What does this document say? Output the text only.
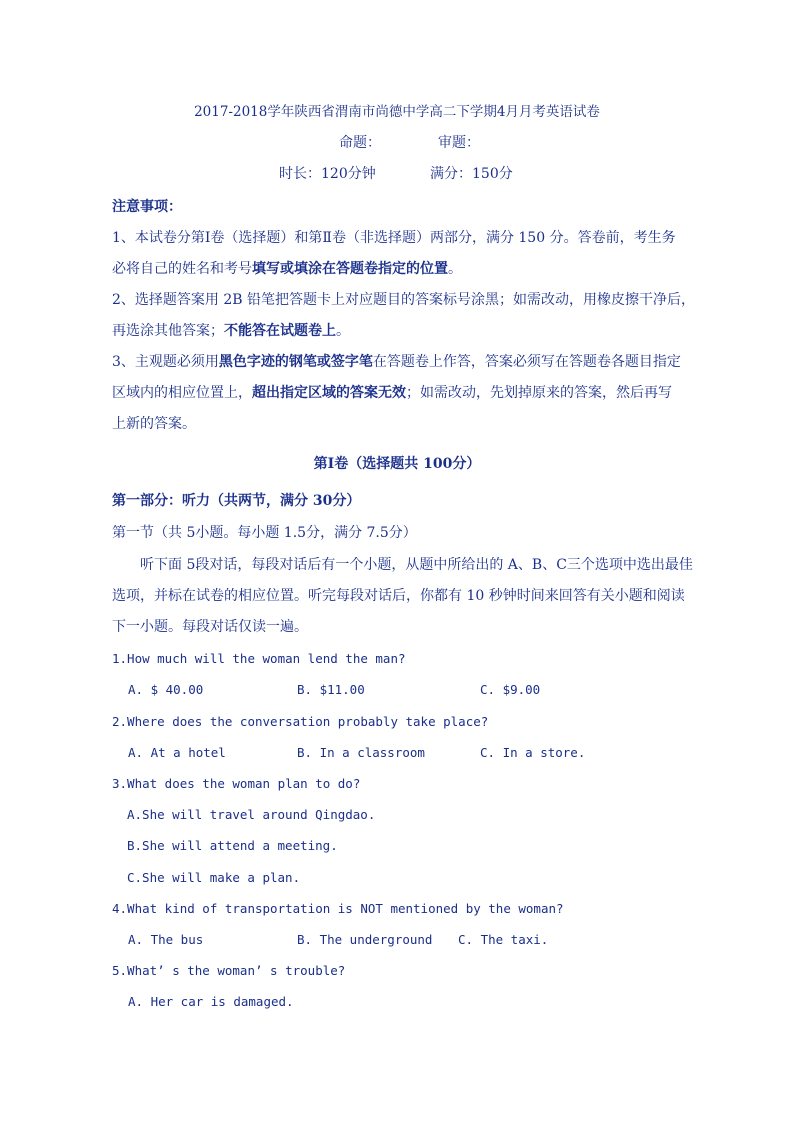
2017-2018学年陕西省渭南市尚德中学高二下学期4月月考英语试卷
命题：	审题：
时长：120分钟	满分：150分
注意事项：
1、本试卷分第Ⅰ卷（选择题）和第Ⅱ卷（非选择题）两部分，满分 150 分。答卷前，考生务
必将自己的姓名和考号填写或填涂在答题卷指定的位置。
2、选择题答案用 2B 铅笔把答题卡上对应题目的答案标号涂黑；如需改动，用橡皮擦干净后，
再选涂其他答案；不能答在试题卷上。
3、主观题必须用黑色字迹的钢笔或签字笔在答题卷上作答，答案必须写在答题卷各题目指定
区域内的相应位置上，超出指定区域的答案无效；如需改动，先划掉原来的答案，然后再写
上新的答案。
第Ⅰ卷（选择题共 100分）
第一部分：听力（共两节，满分 30分）
第一节（共 5小题。每小题 1.5分，满分 7.5分）
听下面 5段对话，每段对话后有一个小题，从题中所给出的 A、B、C三个选项中选出最佳
选项，并标在试卷的相应位置。听完每段对话后，你都有 10 秒钟时间来回答有关小题和阅读
下一小题。每段对话仅读一遍。
1.How much will the woman lend the man?
A. $ 40.00	B. $11.00	C. $9.00
2.Where does the conversation probably take place?
A. At a hotel	B. In a classroom	C. In a store.
3.What does the woman plan to do?
A.She will travel around Qingdao.
B.She will attend a meeting.
C.She will make a plan.
4.What kind of transportation is NOT mentioned by the woman?
A. The bus	B. The underground C. The taxi.
5.What’ s the woman’ s trouble?
A. Her car is damaged.
